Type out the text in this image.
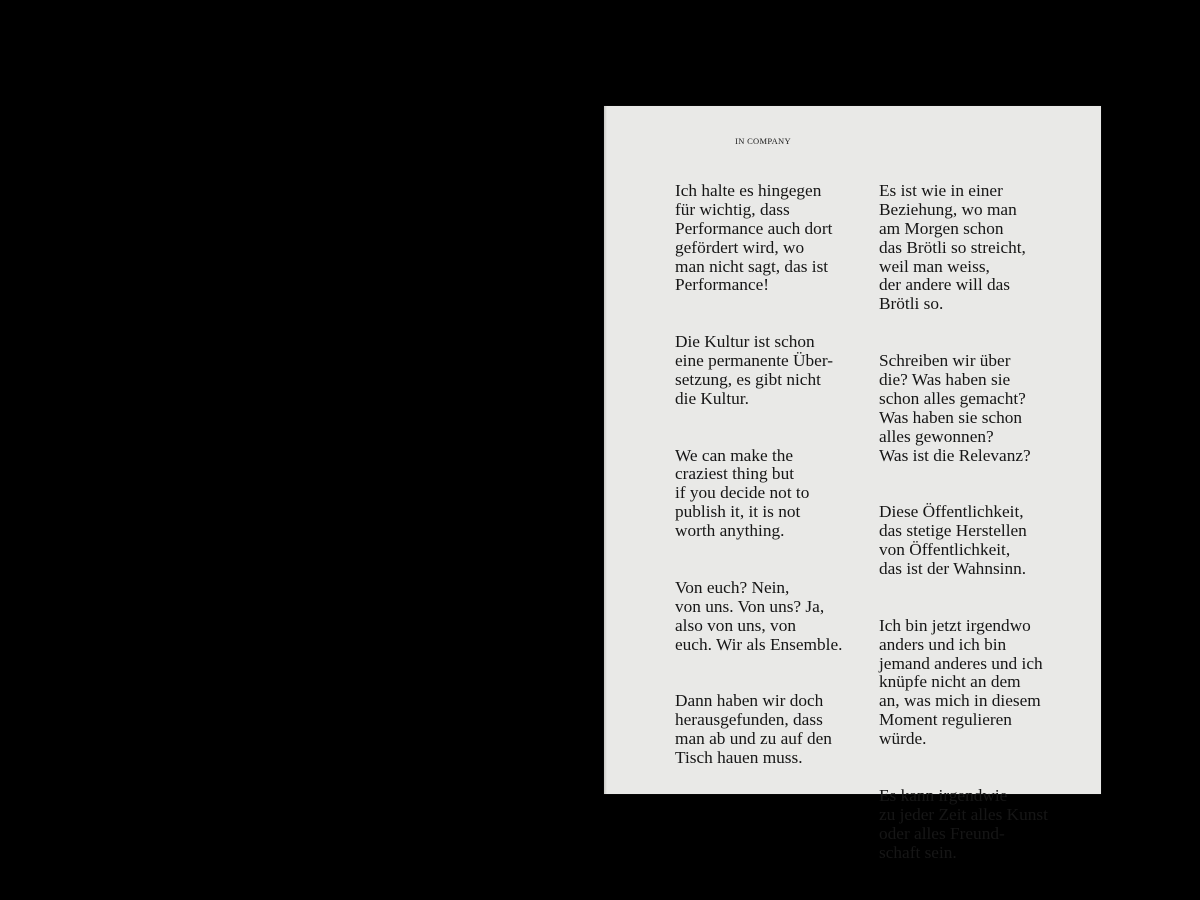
IN COMPANY

Ich halte es hingegen
für wichtig, dass
Performance auch dort
gefördert wird, wo
man nicht sagt, das ist
Performance!

Die Kultur ist schon
eine permanente Über-
setzung, es gibt nicht
die Kultur.

We can make the
craziest thing but
if you decide not to
publish it, it is not
worth anything.

Von euch? Nein,
von uns. Von uns? Ja,
also von uns, von
euch. Wir als Ensemble.

Dann haben wir doch
herausgefunden, dass
man ab und zu auf den
Tisch hauen muss.

Es ist wie in einer
Beziehung, wo man
am Morgen schon
das Brötli so streicht,
weil man weiss,
der andere will das
Brötli so.

Schreiben wir über
die? Was haben sie
schon alles gemacht?
Was haben sie schon
alles gewonnen?
Was ist die Relevanz?

Diese Öffentlichkeit,
das stetige Herstellen
von Öffentlichkeit,
das ist der Wahnsinn.

Ich bin jetzt irgendwo
anders und ich bin
jemand anderes und ich
knüpfe nicht an dem
an, was mich in diesem
Moment regulieren
würde.

Es kann irgendwie
zu jeder Zeit alles Kunst
oder alles Freund-
schaft sein.
